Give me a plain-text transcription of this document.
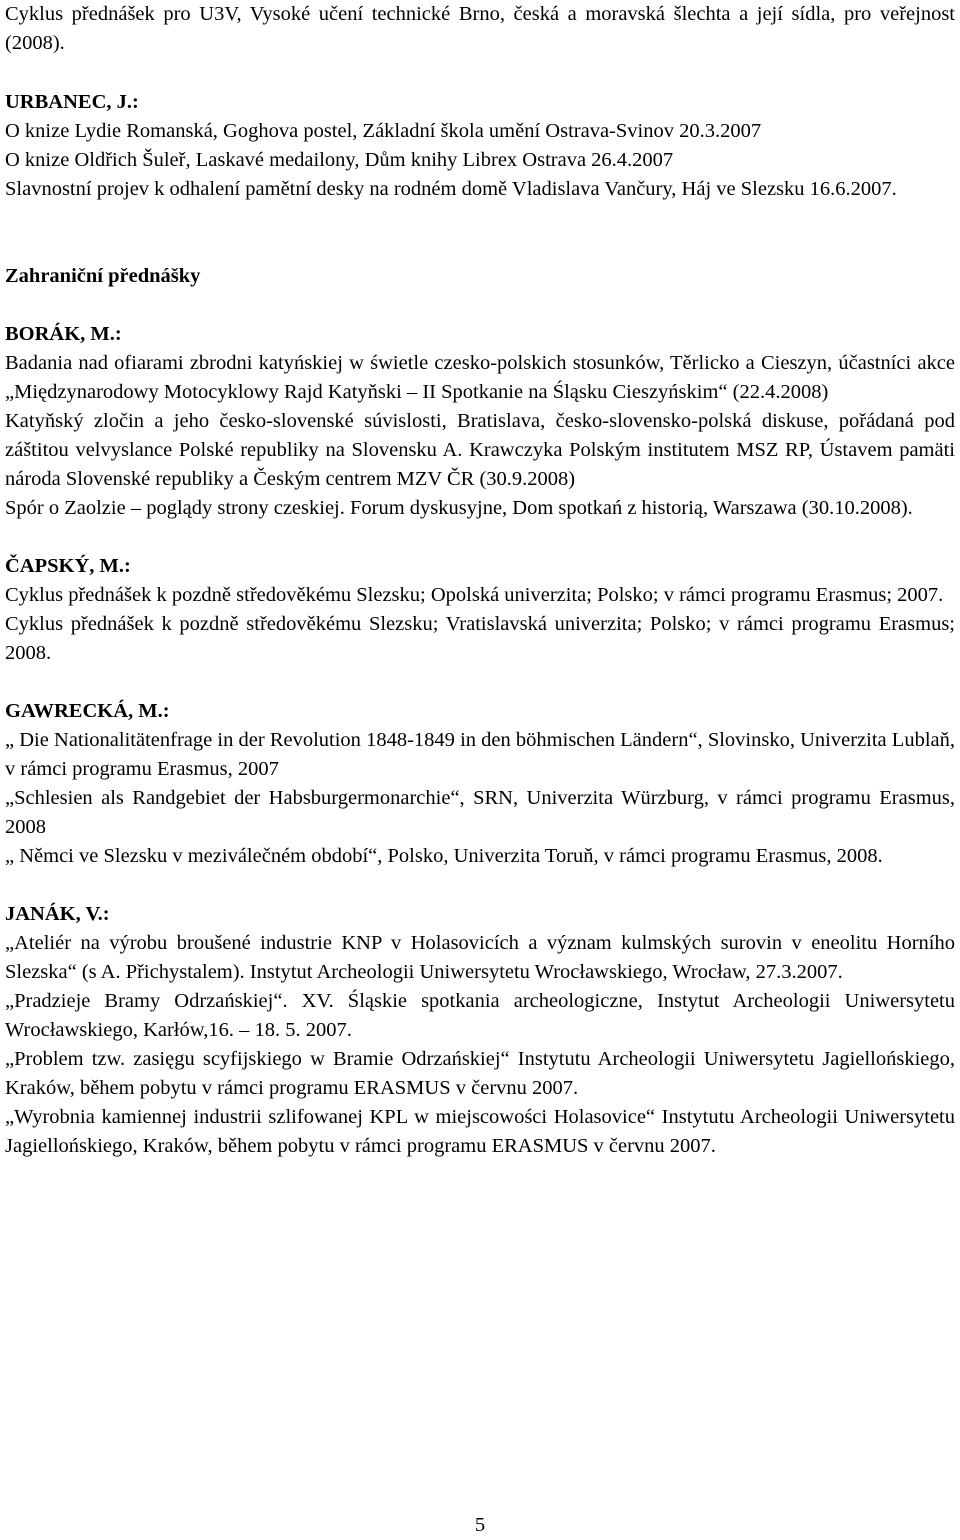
Cyklus přednášek pro U3V, Vysoké učení technické Brno, česká a moravská šlechta a její sídla, pro veřejnost (2008).

URBANEC, J.:

O knize Lydie Romanská, Goghova postel, Základní škola umění Ostrava-Svinov 20.3.2007

O knize Oldřich Šuleř, Laskavé medailony, Dům knihy Librex Ostrava 26.4.2007

Slavnostní projev k odhalení pamětní desky na rodném domě Vladislava Vančury, Háj ve Slezsku 16.6.2007.

Zahraniční přednášky

BORÁK, M.:

Badania nad ofiarami zbrodni katyńskiej w świetle czesko-polskich stosunków, Těrlicko a Cieszyn, účastníci akce „Międzynarodowy Motocyklowy Rajd Katyňski – II Spotkanie na Śląsku Cieszyńskim“ (22.4.2008)

Katyňský zločin a jeho česko-slovenské súvislosti, Bratislava, česko-slovensko-polská diskuse, pořádaná pod záštitou velvyslance Polské republiky na Slovensku A. Krawczyka Polským institutem MSZ RP, Ústavem pamäti národa Slovenské republiky a Českým centrem MZV ČR (30.9.2008)

Spór o Zaolzie – poglądy strony czeskiej. Forum dyskusyjne, Dom spotkań z historią, Warszawa (30.10.2008).

ČAPSKÝ, M.:

Cyklus přednášek k pozdně středověkému Slezsku; Opolská univerzita; Polsko; v rámci programu Erasmus; 2007.

Cyklus přednášek k pozdně středověkému Slezsku; Vratislavská univerzita; Polsko; v rámci programu Erasmus; 2008.

GAWRECKÁ, M.:

„ Die Nationalitätenfrage in der Revolution 1848-1849 in den böhmischen Ländern“, Slovinsko, Univerzita Lublaň, v rámci programu Erasmus, 2007

„Schlesien als Randgebiet der Habsburgermonarchie“, SRN, Univerzita Würzburg, v rámci programu Erasmus, 2008

„ Němci ve Slezsku v meziválečném období“, Polsko, Univerzita Toruň, v rámci programu Erasmus, 2008.

JANÁK, V.:

„Ateliér na výrobu broušené industrie KNP v Holasovicích a význam kulmských surovin v eneolitu Horního Slezska“ (s A. Přichystalem). Instytut Archeologii Uniwersytetu Wrocławskiego, Wrocław, 27.3.2007.

„Pradzieje Bramy Odrzańskiej“. XV. Śląskie spotkania archeologiczne, Instytut Archeologii Uniwersytetu Wrocławskiego, Karłów,16. – 18. 5. 2007.

„Problem tzw. zasięgu scyfijskiego w Bramie Odrzańskiej“ Instytutu Archeologii Uniwersytetu Jagiellońskiego, Kraków, během pobytu v rámci programu ERASMUS v červnu 2007.

„Wyrobnia kamiennej industrii szlifowanej KPL w miejscowości Holasovice“ Instytutu Archeologii Uniwersytetu Jagiellońskiego, Kraków, během pobytu v rámci programu ERASMUS v červnu 2007.

5
